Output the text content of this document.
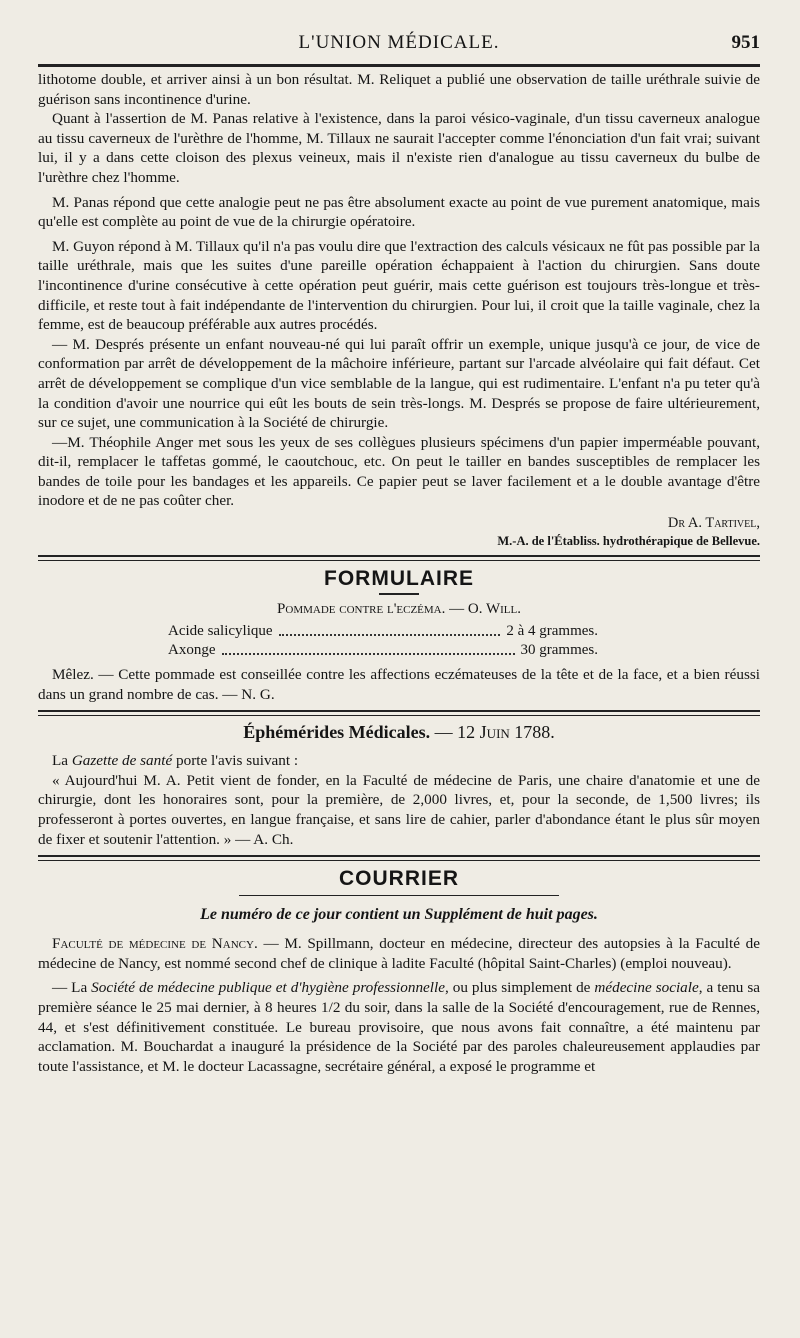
L'UNION MÉDICALE.	951

lithotome double, et arriver ainsi à un bon résultat. M. Reliquet a publié une observation de taille uréthrale suivie de guérison sans incontinence d'urine.

Quant à l'assertion de M. Panas relative à l'existence, dans la paroi vésico-vaginale, d'un tissu caverneux analogue au tissu caverneux de l'urèthre de l'homme, M. Tillaux ne saurait l'accepter comme l'énonciation d'un fait vrai; suivant lui, il y a dans cette cloison des plexus veineux, mais il n'existe rien d'analogue au tissu caverneux du bulbe de l'urèthre chez l'homme.

M. Panas répond que cette analogie peut ne pas être absolument exacte au point de vue purement anatomique, mais qu'elle est complète au point de vue de la chirurgie opératoire.

M. Guyon répond à M. Tillaux qu'il n'a pas voulu dire que l'extraction des calculs vésicaux ne fût pas possible par la taille uréthrale, mais que les suites d'une pareille opération échappaient à l'action du chirurgien. Sans doute l'incontinence d'urine consécutive à cette opération peut guérir, mais cette guérison est toujours très-longue et très-difficile, et reste tout à fait indépendante de l'intervention du chirurgien. Pour lui, il croit que la taille vaginale, chez la femme, est de beaucoup préférable aux autres procédés.

— M. Després présente un enfant nouveau-né qui lui paraît offrir un exemple, unique jusqu'à ce jour, de vice de conformation par arrêt de développement de la mâchoire inférieure, partant sur l'arcade alvéolaire qui fait défaut. Cet arrêt de développement se complique d'un vice semblable de la langue, qui est rudimentaire. L'enfant n'a pu teter qu'à la condition d'avoir une nourrice qui eût les bouts de sein très-longs. M. Després se propose de faire ultérieurement, sur ce sujet, une communication à la Société de chirurgie.

—M. Théophile Anger met sous les yeux de ses collègues plusieurs spécimens d'un papier imperméable pouvant, dit-il, remplacer le taffetas gommé, le caoutchouc, etc. On peut le tailler en bandes susceptibles de remplacer les bandes de toile pour les bandages et les appareils. Ce papier peut se laver facilement et a le double avantage d'être inodore et de ne pas coûter cher.

Dr A. Tartivel,
M.-A. de l'Établiss. hydrothérapique de Bellevue.
FORMULAIRE
Pommade contre l'eczéma. — O. Will.
Acide salicylique	2 à 4 grammes.
Axonge	30 grammes.

Mêlez. — Cette pommade est conseillée contre les affections eczémateuses de la tête et de la face, et a bien réussi dans un grand nombre de cas. — N. G.

Éphémérides Médicales. — 12 Juin 1788.

La Gazette de santé porte l'avis suivant :

« Aujourd'hui M. A. Petit vient de fonder, en la Faculté de médecine de Paris, une chaire d'anatomie et une de chirurgie, dont les honoraires sont, pour la première, de 2,000 livres, et, pour la seconde, de 1,500 livres; ils professeront à portes ouvertes, en langue française, et sans lire de cahier, parler d'abondance étant le plus sûr moyen de fixer et soutenir l'attention. » — A. Ch.

COURRIER
Le numéro de ce jour contient un Supplément de huit pages.

Faculté de médecine de Nancy. — M. Spillmann, docteur en médecine, directeur des autopsies à la Faculté de médecine de Nancy, est nommé second chef de clinique à ladite Faculté (hôpital Saint-Charles) (emploi nouveau).

— La Société de médecine publique et d'hygiène professionnelle, ou plus simplement de médecine sociale, a tenu sa première séance le 25 mai dernier, à 8 heures 1/2 du soir, dans la salle de la Société d'encouragement, rue de Rennes, 44, et s'est définitivement constituée. Le bureau provisoire, que nous avons fait connaître, a été maintenu par acclamation. M. Bouchardat a inauguré la présidence de la Société par des paroles chaleureusement applaudies par toute l'assistance, et M. le docteur Lacassagne, secrétaire général, a exposé le programme et
